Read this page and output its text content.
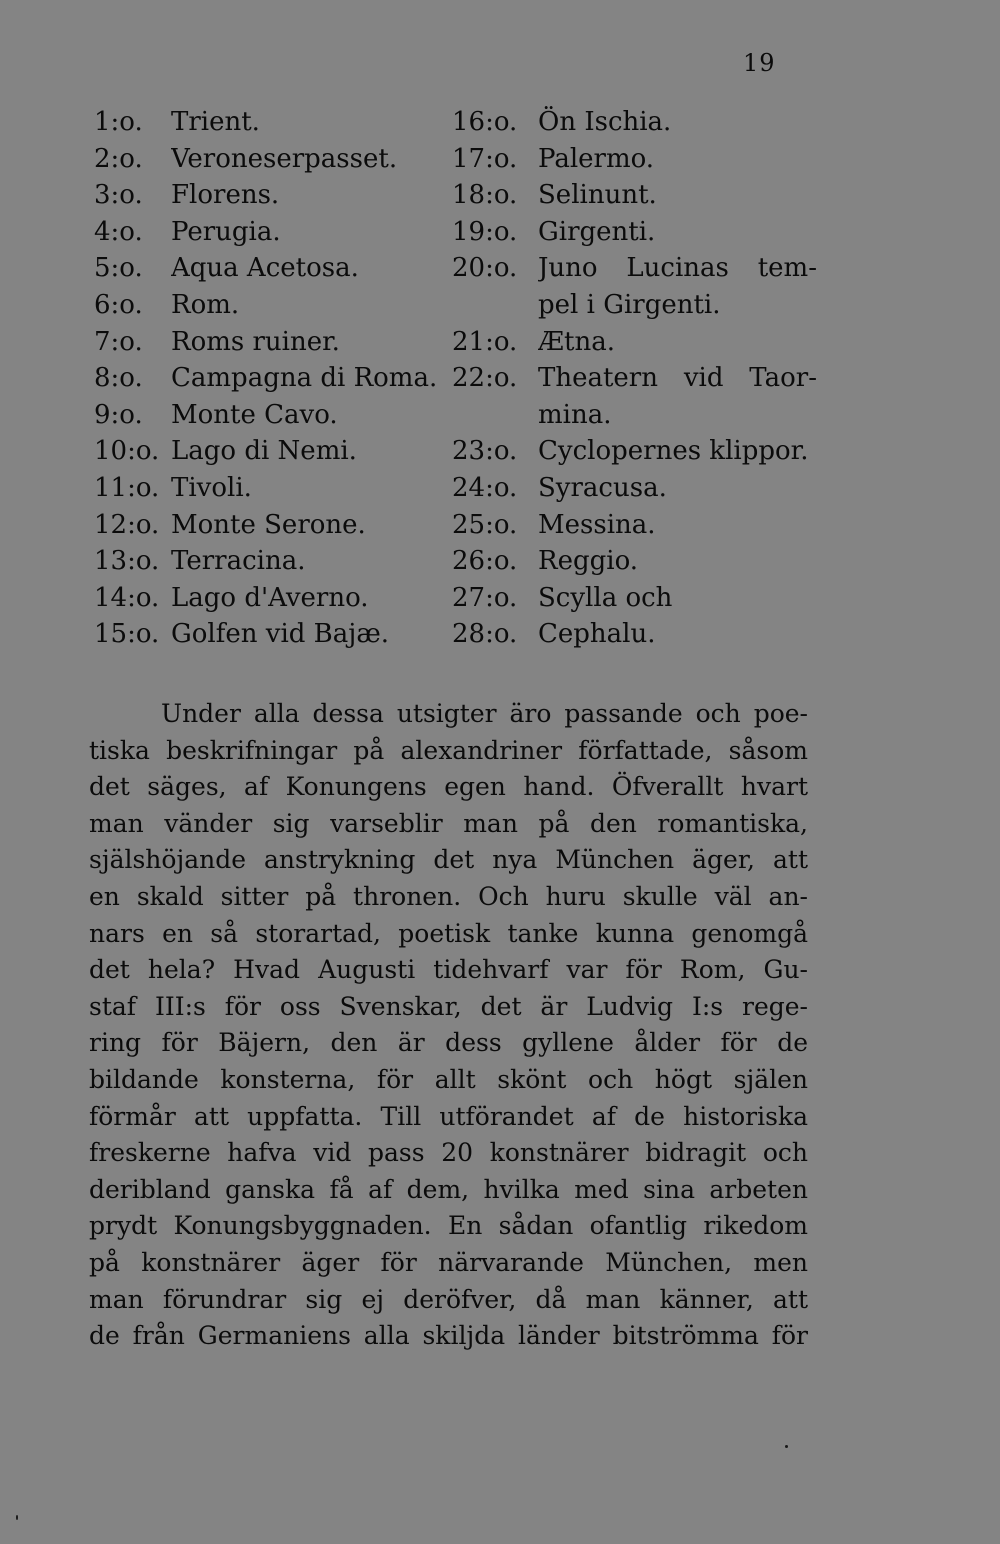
19
1:o.	Trient.
2:o.	Veroneserpasset.
3:o.	Florens.
4:o.	Perugia.
5:o.	Aqua Acetosa.
6:o.	Rom.
7:o.	Roms ruiner.
8:o.	Campagna di Roma.
9:o.	Monte Cavo.
10:o. Lago di Nemi.
11:o. Tivoli.
12:o. Monte Serone.
13:o. Terracina.
14:o. Lago d'Averno.
15:o. Golfen vid Bajæ.
16:o. Ön Ischia.
17:o. Palermo.
18:o. Selinunt.
19:o. Girgenti.
20:o. Juno Lucinas tem-
pel i Girgenti.
21:o. Ætna.
22:o. Theatern vid Taor-
mina.
23:o. Cyclopernes klippor.
24:o. Syracusa.
25:o. Messina.
26:o. Reggio.
27:o. Scylla och
28:o. Cephalu.
Under alla dessa utsigter äro passande och poe-
tiska beskrifningar på alexandriner författade, såsom
det säges, af Konungens egen hand. Öfverallt hvart
man vänder sig varseblir man på den romantiska,
själshöjande anstrykning det nya München äger, att
en skald sitter på thronen. Och huru skulle väl an-
nars en så storartad, poetisk tanke kunna genomgå
det hela? Hvad Augusti tidehvarf var för Rom, Gu-
staf III:s för oss Svenskar, det är Ludvig I:s rege-
ring för Bäjern, den är dess gyllene ålder för de
bildande konsterna, för allt skönt och högt själen
förmår att uppfatta. Till utförandet af de historiska
freskerne hafva vid pass 20 konstnärer bidragit och
deribland ganska få af dem, hvilka med sina arbeten
prydt Konungsbyggnaden. En sådan ofantlig rikedom
på konstnärer äger för närvarande München, men
man förundrar sig ej deröfver, då man känner, att
de från Germaniens alla skiljda länder bitströmma för
